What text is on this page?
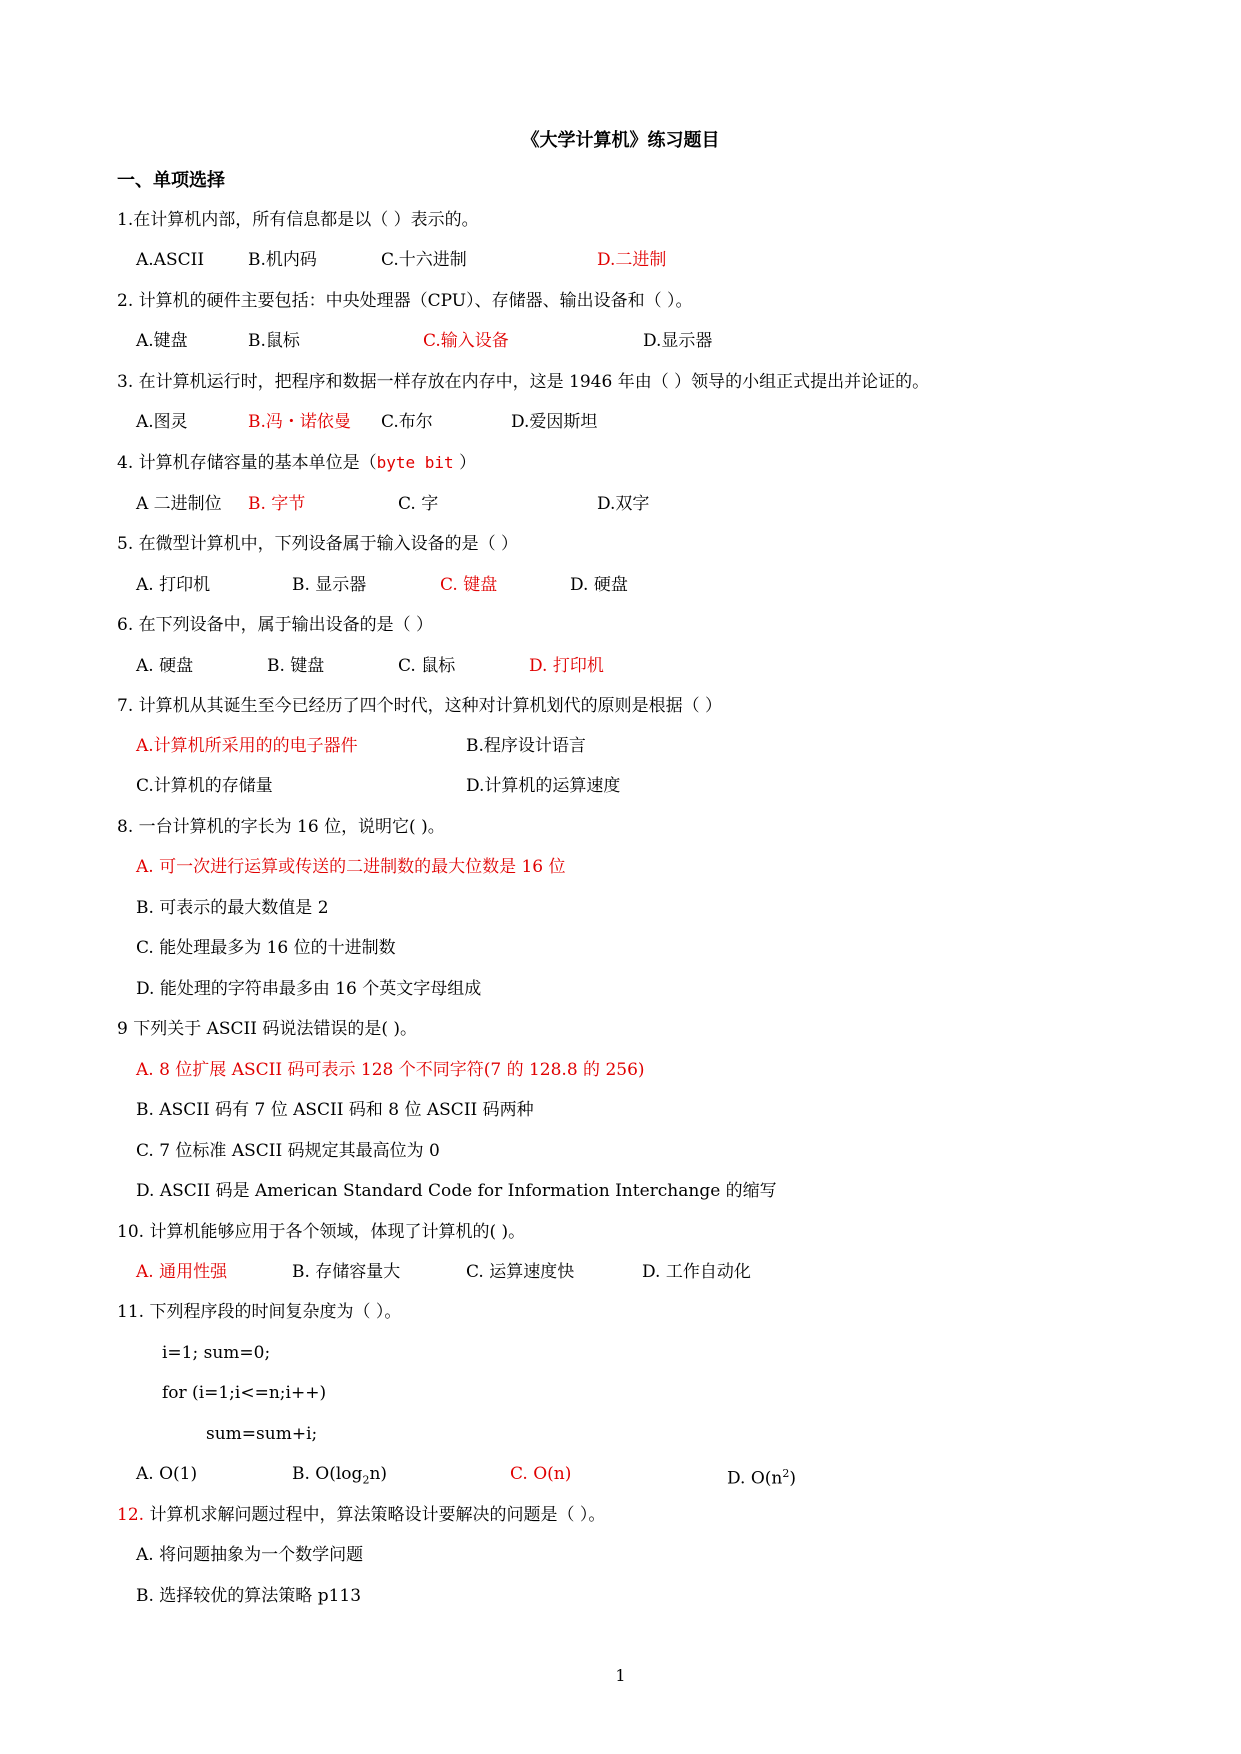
《大学计算机》练习题目
一、单项选择
1.在计算机内部，所有信息都是以（ ）表示的。
A.ASCII	B.机内码	C.十六进制	D.二进制
2. 计算机的硬件主要包括：中央处理器（CPU）、存储器、输出设备和（ ）。
A.键盘	B.鼠标	C.输入设备	D.显示器
3. 在计算机运行时，把程序和数据一样存放在内存中，这是 1946 年由（ ）领导的小组正式提出并论证的。
A.图灵	B.冯・诺依曼 C.布尔	D.爱因斯坦
4. 计算机存储容量的基本单位是（byte bit ）
A 二进制位 B. 字节	C. 字	D.双字
5. 在微型计算机中，下列设备属于输入设备的是（ ）
A. 打印机	B. 显示器	C. 键盘	D. 硬盘
6. 在下列设备中，属于输出设备的是（ ）
A. 硬盘	B. 键盘	C. 鼠标	D. 打印机
7. 计算机从其诞生至今已经历了四个时代，这种对计算机划代的原则是根据（ ）
A.计算机所采用的的电子器件	B.程序设计语言
C.计算机的存储量	D.计算机的运算速度
8. 一台计算机的字长为 16 位，说明它( )。
A. 可一次进行运算或传送的二进制数的最大位数是 16 位
B. 可表示的最大数值是 2
C. 能处理最多为 16 位的十进制数
D. 能处理的字符串最多由 16 个英文字母组成
9 下列关于 ASCII 码说法错误的是( )。
A. 8 位扩展 ASCII 码可表示 128 个不同字符(7 的 128.8 的 256)
B. ASCII 码有 7 位 ASCII 码和 8 位 ASCII 码两种
C. 7 位标准 ASCII 码规定其最高位为 0
D. ASCII 码是 American Standard Code for Information Interchange 的缩写
10. 计算机能够应用于各个领域，体现了计算机的( )。
A. 通用性强	B. 存储容量大	C. 运算速度快	D. 工作自动化
11. 下列程序段的时间复杂度为（ ）。
i=1; sum=0;
for (i=1;i<=n;i++)
sum=sum+i;
A. O(1)	B. $O(\log_2n)$	C. O(n)	D. $O(n^2)$
12. 计算机求解问题过程中，算法策略设计要解决的问题是（ ）。
A. 将问题抽象为一个数学问题
B. 选择较优的算法策略 p113
1
